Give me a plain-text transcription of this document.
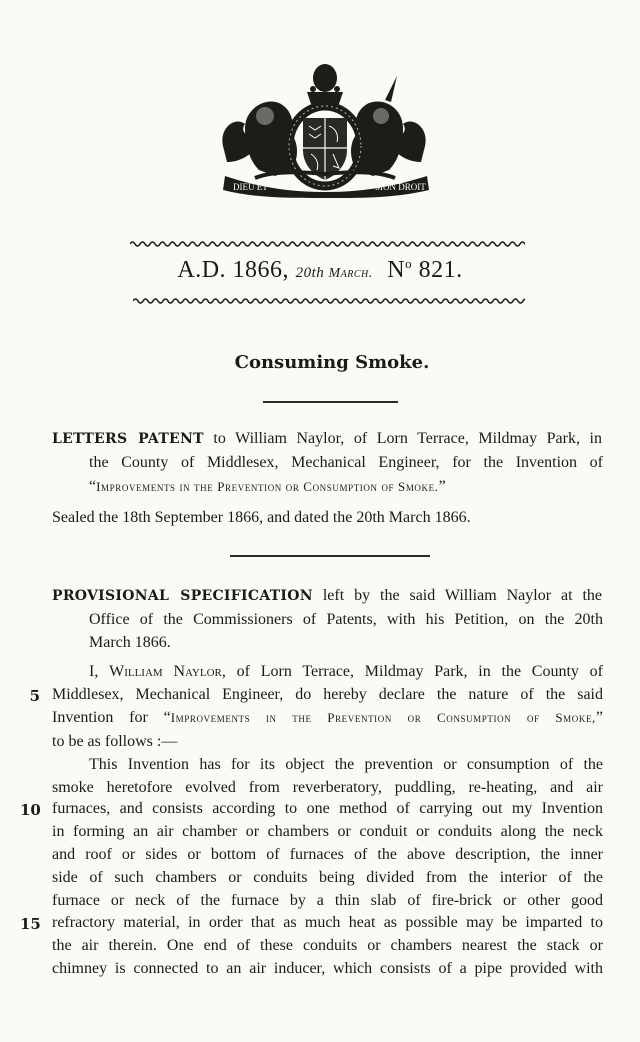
DIEU ET	MON DROIT
A.D. 1866, 20th March. $N^o$ 821.
Consuming Smoke.
LETTERS PATENT to William Naylor, of Lorn Terrace, Mildmay Park, in
the County of Middlesex, Mechanical Engineer, for the Invention of
“Improvements in the Prevention or Consumption of Smoke.”
Sealed the 18th September 1866, and dated the 20th March 1866.
PROVISIONAL SPECIFICATION left by the said William Naylor at the
Office of the Commissioners of Patents, with his Petition, on the 20th
March 1866.
I, William Naylor, of Lorn Terrace, Mildmay Park, in the County of
5 Middlesex, Mechanical Engineer, do hereby declare the nature of the said
Invention for “Improvements in the Prevention or Consumption of Smoke,”
to be as follows :—
This Invention has for its object the prevention or consumption of the
smoke heretofore evolved from reverberatory, puddling, re-heating, and air
10 furnaces, and consists according to one method of carrying out my Invention
in forming an air chamber or chambers or conduit or conduits along the neck
and roof or sides or bottom of furnaces of the above description, the inner
side of such chambers or conduits being divided from the interior of the
furnace or neck of the furnace by a thin slab of fire-brick or other good
15 refractory material, in order that as much heat as possible may be imparted to
the air therein. One end of these conduits or chambers nearest the stack or
chimney is connected to an air inducer, which consists of a pipe provided with
